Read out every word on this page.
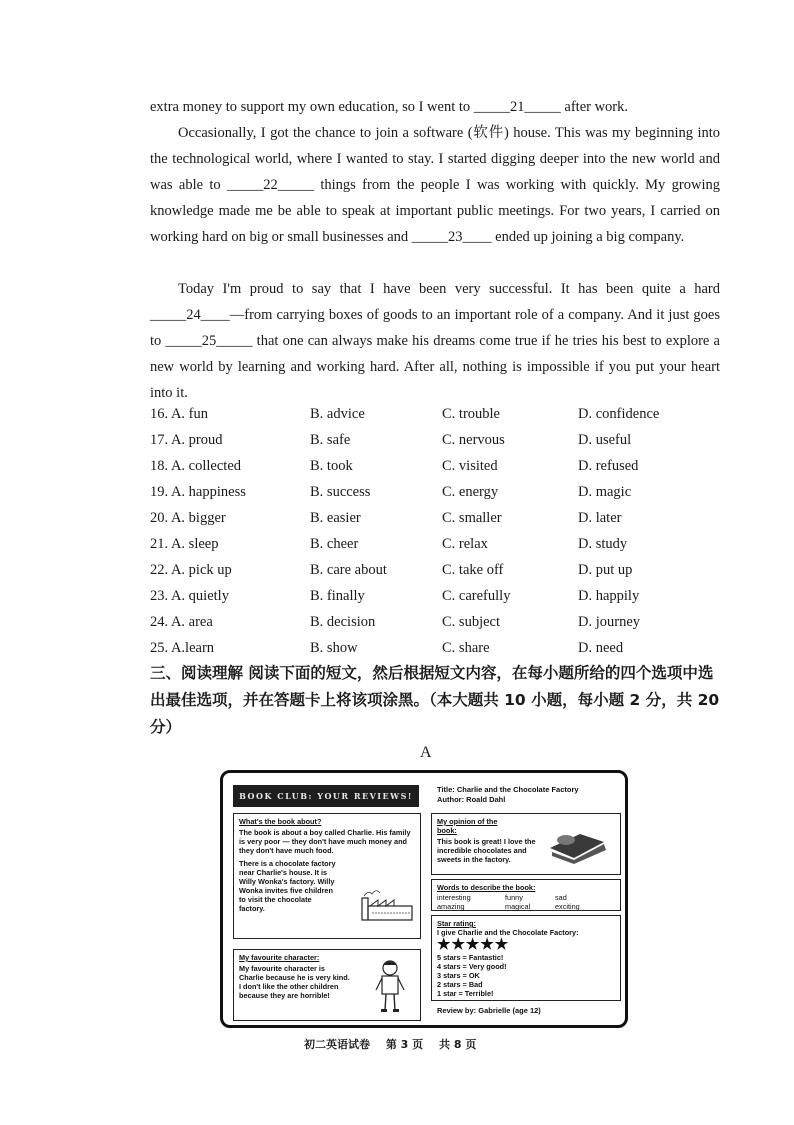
extra money to support my own education, so I went to _____21_____ after work.
Occasionally, I got the chance to join a software (软件) house. This was my beginning into the technological world, where I wanted to stay. I started digging deeper into the new world and was able to _____22_____ things from the people I was working with quickly. My growing knowledge made me be able to speak at important public meetings. For two years, I carried on working hard on big or small businesses and _____23____ ended up joining a big company.
Today I'm proud to say that I have been very successful. It has been quite a hard _____24____—from carrying boxes of goods to an important role of a company. And it just goes to _____25_____ that one can always make his dreams come true if he tries his best to explore a new world by learning and working hard. After all, nothing is impossible if you put your heart into it.
16. A. fun	B. advice	C. trouble	D. confidence
17. A. proud	B. safe	C. nervous	D. useful
18. A. collected	B. took	C. visited	D. refused
19. A. happiness	B. success	C. energy	D. magic
20. A. bigger	B. easier	C. smaller	D. later
21. A. sleep	B. cheer	C. relax	D. study
22. A. pick up	B. care about	C. take off	D. put up
23. A. quietly	B. finally	C. carefully	D. happily
24. A. area	B. decision	C. subject	D. journey
25. A.learn	B. show	C. share	D. need
三、阅读理解 阅读下面的短文，然后根据短文内容，在每小题所给的四个选项中选出最佳选项，并在答题卡上将该项涂黑。（本大题共 10 小题，每小题 2 分，共 20 分）
A
BOOK CLUB: YOUR REVIEWS!
Title: Charlie and the Chocolate Factory
Author: Roald Dahl
What's the book about?
The book is about a boy called Charlie. His family is very poor — they don't have much money and they don't have much food.
There is a chocolate factory near Charlie's house. It is Willy Wonka's factory. Willy Wonka invites five children to visit the chocolate factory.
My opinion of the book:
This book is great! I love the incredible chocolates and sweets in the factory.
Words to describe the book:
interesting	funny	sad
amazing	magical	exciting
Star rating:
I give Charlie and the Chocolate Factory:
★★★★★
5 stars = Fantastic!
4 stars = Very good!
3 stars = OK
2 stars = Bad
1 star = Terrible!
Review by: Gabrielle (age 12)
My favourite character:
My favourite character is Charlie because he is very kind. I don't like the other children because they are horrible!
初二英语试卷 第 3 页 共 8 页
